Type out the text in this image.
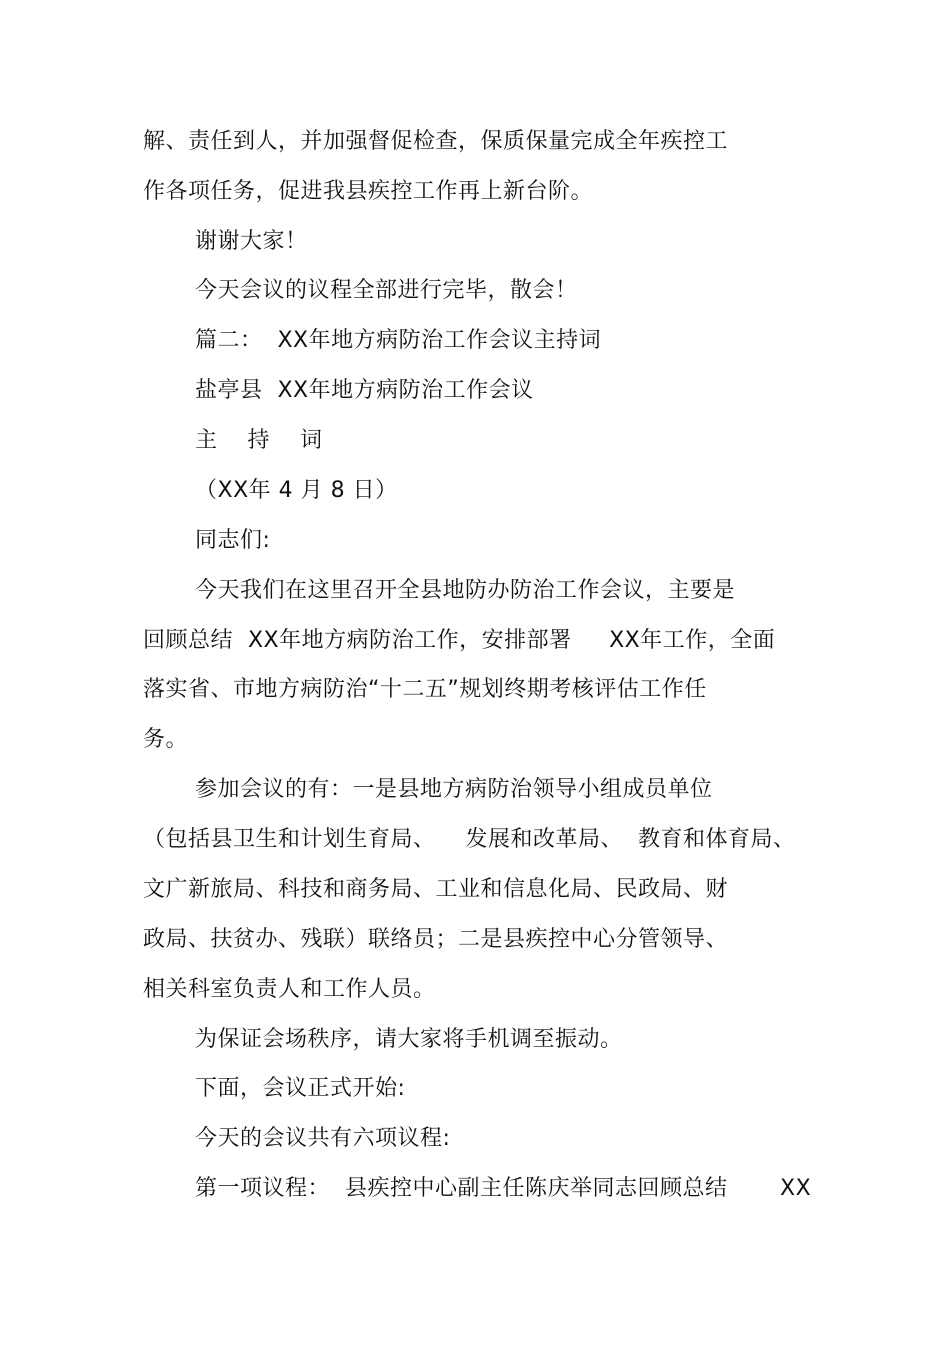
解、责任到人，并加强督促检查，保质保量完成全年疾控工
作各项任务，促进我县疾控工作再上新台阶。
谢谢大家！
今天会议的议程全部进行完毕，散会！
篇二：  XX年地方病防治工作会议主持词
盐亭县  XX年地方病防治工作会议
主    持    词
（XX年 4 月 8 日）
同志们:
今天我们在这里召开全县地防办防治工作会议，主要是
回顾总结  XX年地方病防治工作，安排部署     XX年工作，全面
落实省、市地方病防治“十二五”规划终期考核评估工作任
务。
参加会议的有：一是县地方病防治领导小组成员单位
（包括县卫生和计划生育局、    发展和改革局、  教育和体育局、
文广新旅局、科技和商务局、工业和信息化局、民政局、财
政局、扶贫办、残联）联络员；二是县疾控中心分管领导、
相关科室负责人和工作人员。
为保证会场秩序，请大家将手机调至振动。
下面，会议正式开始:
今天的会议共有六项议程:
第一项议程：  县疾控中心副主任陈庆举同志回顾总结 XX
